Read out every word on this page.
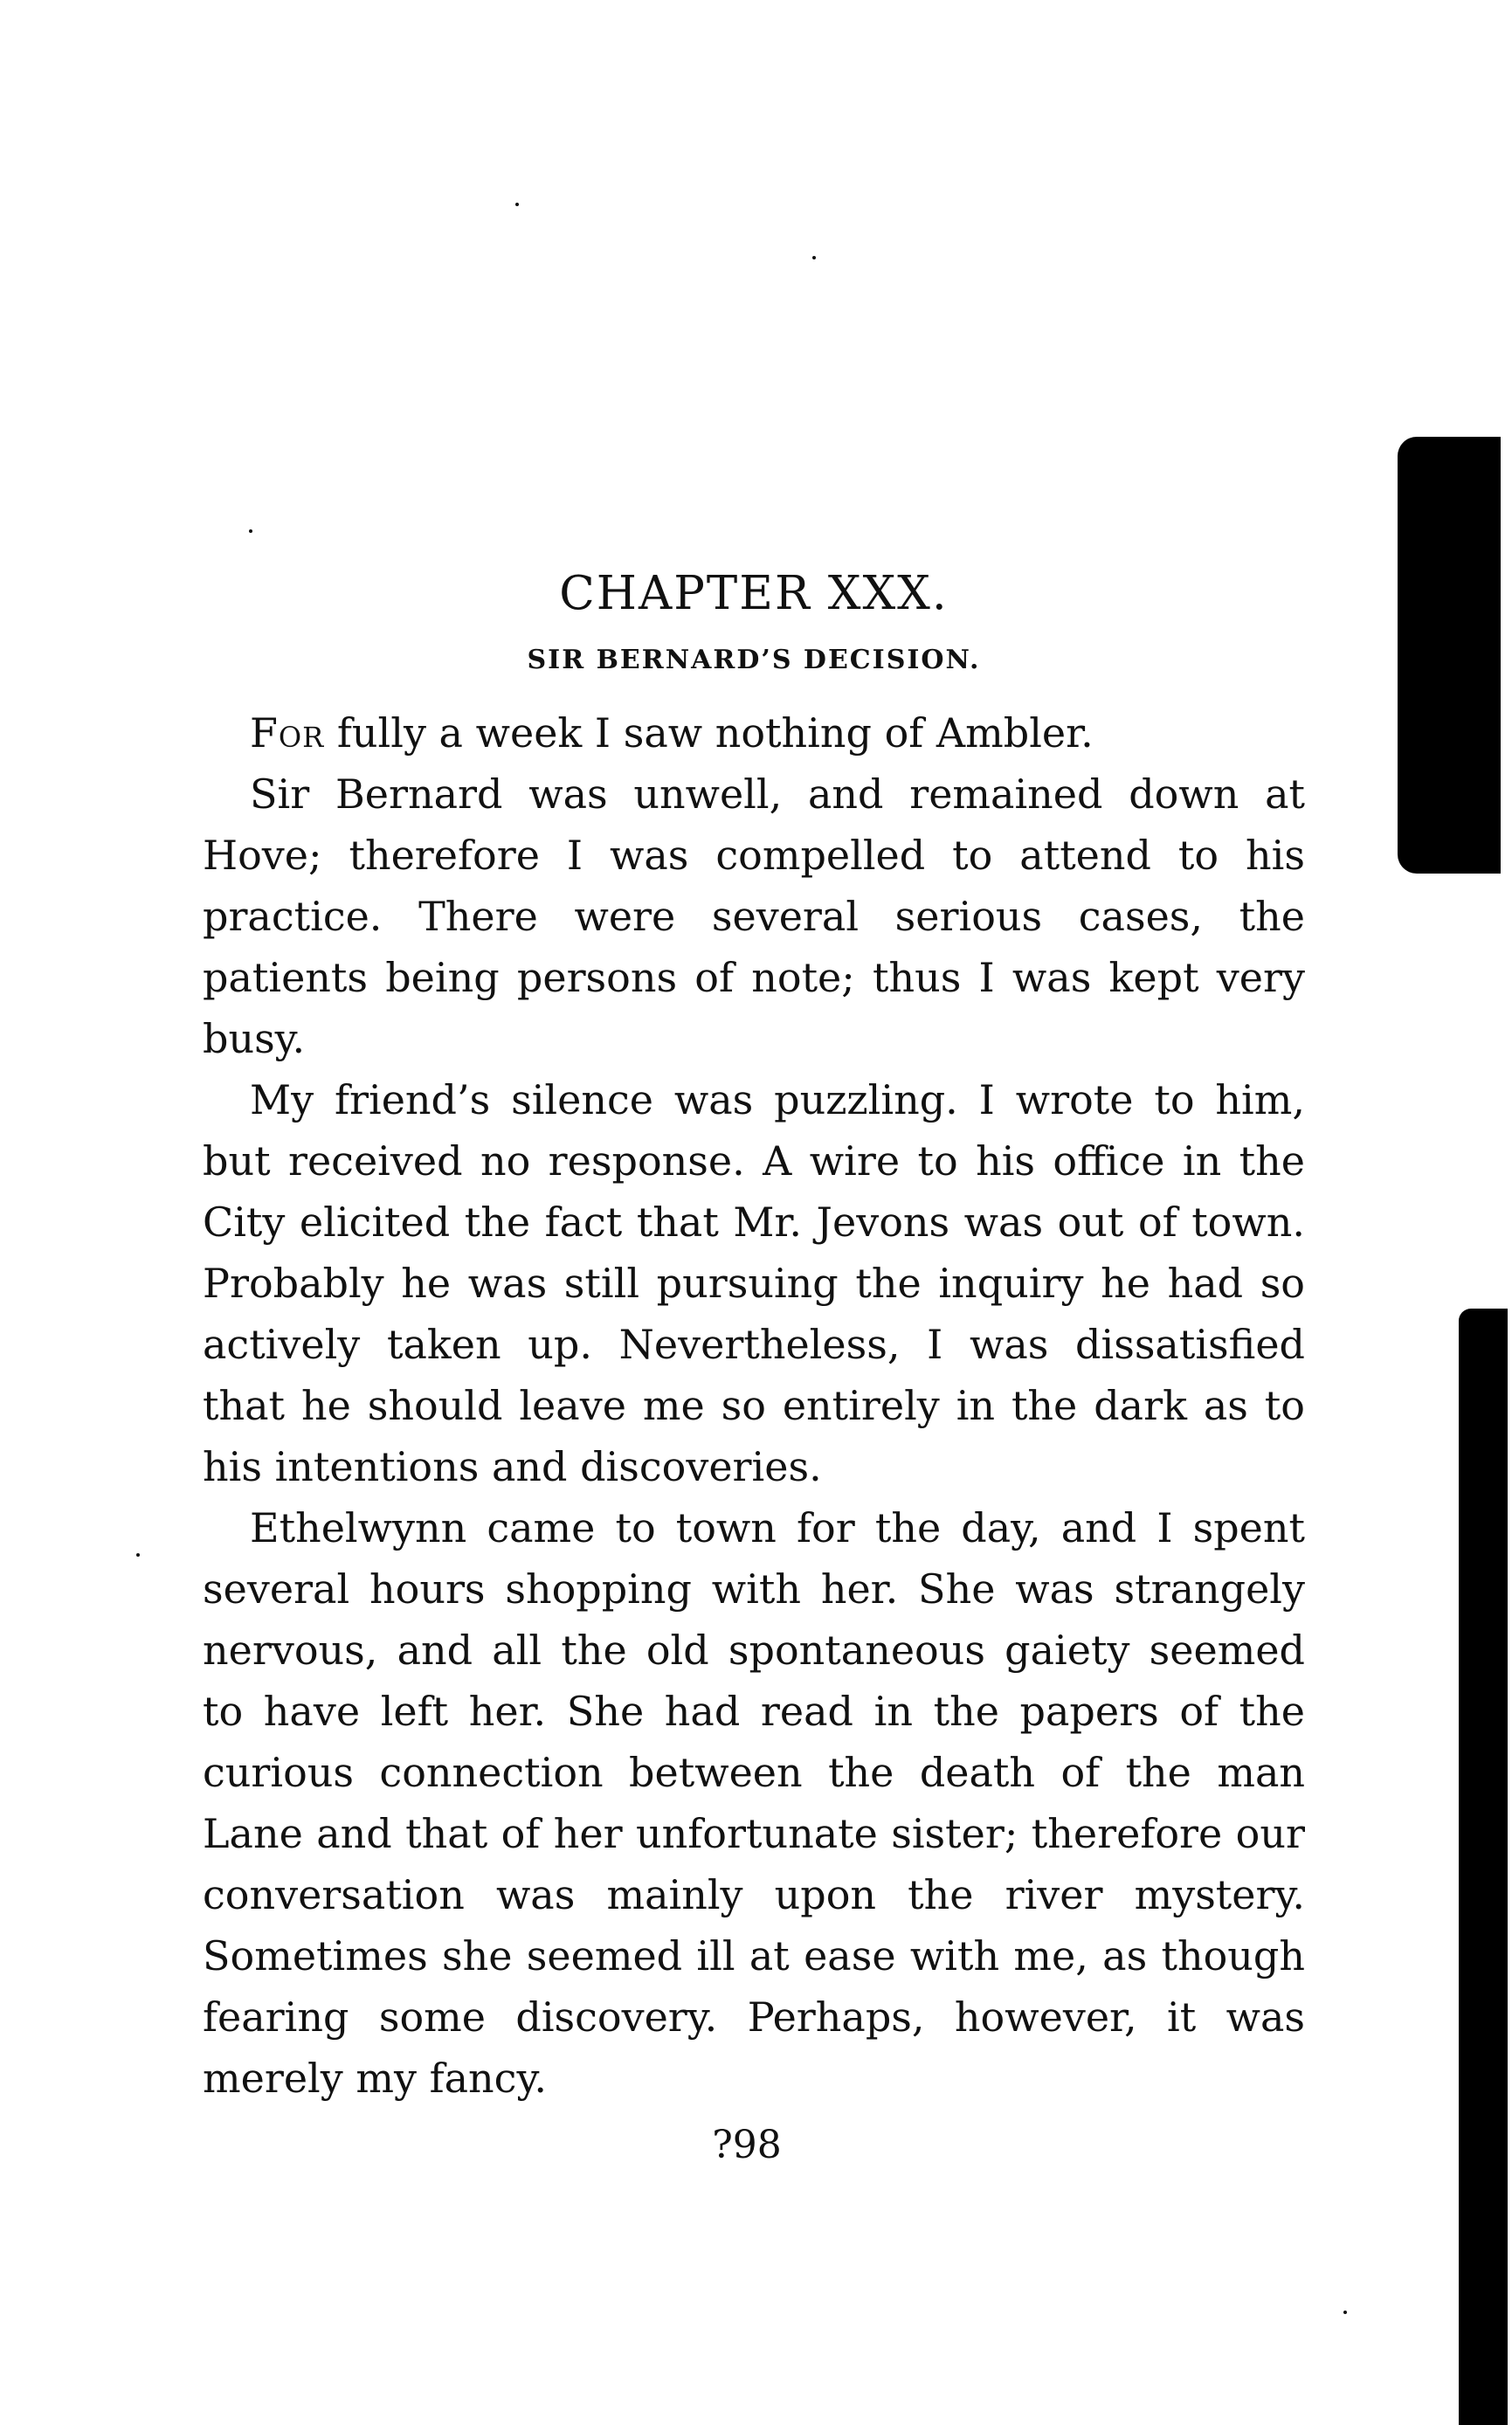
CHAPTER XXX.
SIR BERNARD’S DECISION.

For fully a week I saw nothing of Ambler.

Sir Bernard was unwell, and remained down at Hove; therefore I was compelled to attend to his practice. There were several serious cases, the patients being persons of note; thus I was kept very busy.

My friend’s silence was puzzling. I wrote to him, but received no response. A wire to his office in the City elicited the fact that Mr. Jevons was out of town. Probably he was still pursuing the inquiry he had so actively taken up. Nevertheless, I was dissatisfied that he should leave me so entirely in the dark as to his intentions and discoveries.

Ethelwynn came to town for the day, and I spent several hours shopping with her. She was strangely nervous, and all the old spontaneous gaiety seemed to have left her. She had read in the papers of the curious connection between the death of the man Lane and that of her unfortunate sister; therefore our conversation was mainly upon the river mystery. Sometimes she seemed ill at ease with me, as though fearing some discovery. Perhaps, however, it was merely my fancy.

?98
